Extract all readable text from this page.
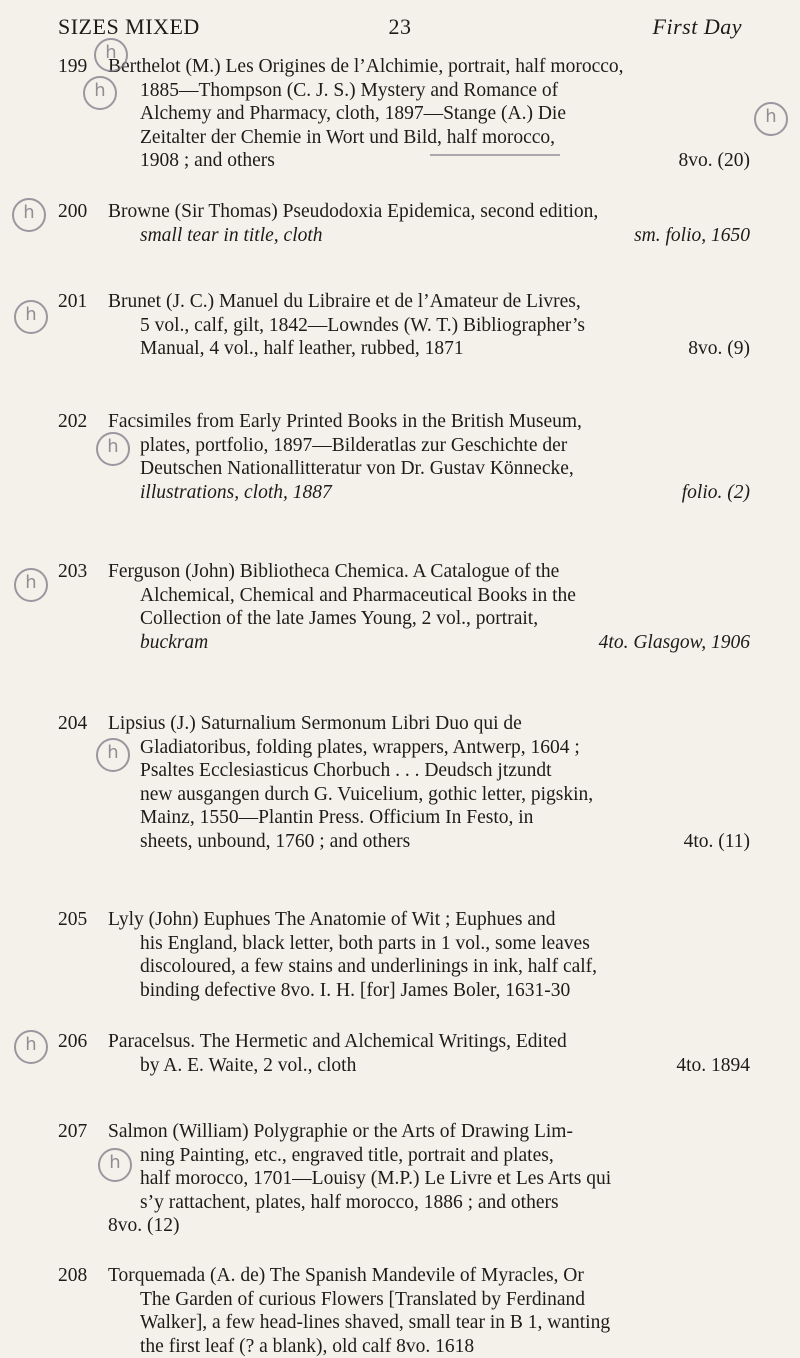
SIZES MIXED	23	First Day
199	Berthelot (M.) Les Origines de l’Alchimie, portrait, half morocco,
1885—Thompson (C. J. S.) Mystery and Romance of
Alchemy and Pharmacy, cloth, 1897—Stange (A.) Die
Zeitalter der Chemie in Wort und Bild, half morocco,
1908 ; and others	8vo. (20)
h
h
h
200	Browne (Sir Thomas) Pseudodoxia Epidemica, second edition,
small tear in title, cloth	sm. folio, 1650
h
201	Brunet (J. C.) Manuel du Libraire et de l’Amateur de Livres,
5 vol., calf, gilt, 1842—Lowndes (W. T.) Bibliographer’s
Manual, 4 vol., half leather, rubbed, 1871	8vo. (9)
h
202	Facsimiles from Early Printed Books in the British Museum,
plates, portfolio, 1897—Bilderatlas zur Geschichte der
Deutschen Nationallitteratur von Dr. Gustav Könnecke,
illustrations, cloth, 1887	folio. (2)
h
203	Ferguson (John) Bibliotheca Chemica. A Catalogue of the
Alchemical, Chemical and Pharmaceutical Books in the
Collection of the late James Young, 2 vol., portrait,
buckram	4to. Glasgow, 1906
h
204	Lipsius (J.) Saturnalium Sermonum Libri Duo qui de
Gladiatoribus, folding plates, wrappers, Antwerp, 1604 ;
Psaltes Ecclesiasticus Chorbuch . . . Deudsch jtzundt
new ausgangen durch G. Vuicelium, gothic letter, pigskin,
Mainz, 1550—Plantin Press. Officium In Festo, in
sheets, unbound, 1760 ; and others	4to. (11)
h
205	Lyly (John) Euphues The Anatomie of Wit ; Euphues and
his England, black letter, both parts in 1 vol., some leaves
discoloured, a few stains and underlinings in ink, half calf,
binding defective 8vo. I. H. [for] James Boler, 1631-30
206	Paracelsus. The Hermetic and Alchemical Writings, Edited
by A. E. Waite, 2 vol., cloth	4to. 1894
h
207	Salmon (William) Polygraphie or the Arts of Drawing Lim-
ning Painting, etc., engraved title, portrait and plates,
half morocco, 1701—Louisy (M.P.) Le Livre et Les Arts qui
s’y rattachent, plates, half morocco, 1886 ; and others
8vo. (12)
h
208	Torquemada (A. de) The Spanish Mandevile of Myracles, Or
The Garden of curious Flowers [Translated by Ferdinand
Walker], a few head-lines shaved, small tear in B 1, wanting
the first leaf (? a blank), old calf 8vo. 1618
